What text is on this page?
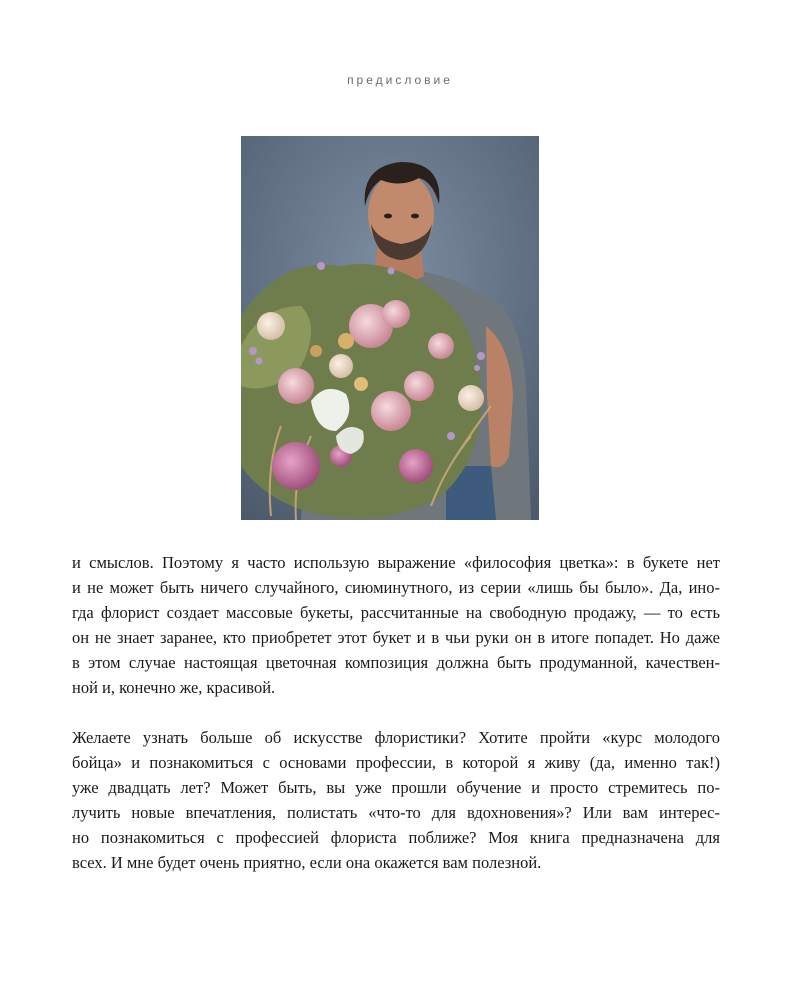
предисловие
и смыслов. Поэтому я часто использую выражение «философия цветка»: в букете нет
и не может быть ничего случайного, сиюминутного, из серии «лишь бы было». Да, ино-
гда флорист создает массовые букеты, рассчитанные на свободную продажу, — то есть
он не знает заранее, кто приобретет этот букет и в чьи руки он в итоге попадет. Но даже
в этом случае настоящая цветочная композиция должна быть продуманной, качествен-
ной и, конечно же, красивой.
Желаете узнать больше об искусстве флористики? Хотите пройти «курс молодого
бойца» и познакомиться с основами профессии, в которой я живу (да, именно так!)
уже двадцать лет? Может быть, вы уже прошли обучение и просто стремитесь по-
лучить новые впечатления, полистать «что-то для вдохновения»? Или вам интерес-
но познакомиться с профессией флориста поближе? Моя книга предназначена для
всех. И мне будет очень приятно, если она окажется вам полезной.
